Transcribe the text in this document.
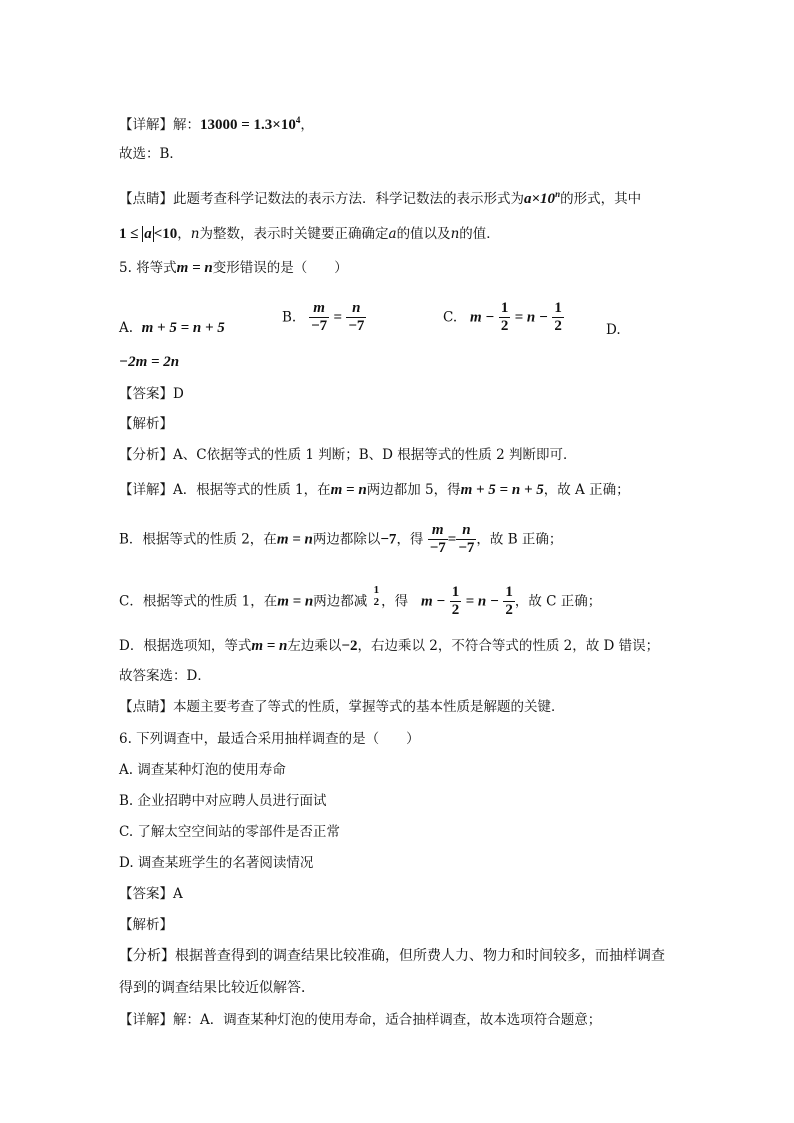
【详解】解：$13000 = 1.3\times 10^4$，
故选：B．
【点睛】此题考查科学记数法的表示方法．科学记数法的表示形式为$a\times 10^n$的形式，其中
1 ≤ a <10，n为整数，表示时关键要正确确定a的值以及n的值．
5. 将等式m = n变形错误的是（　　）
A. m + 5 = n + 5
B. $\frac{m}{-7} = \frac{n}{-7}$	C. $m - \frac{1}{2} = n - \frac{1}{2}$	D.
−2m = 2n
【答案】D
【解析】
【分析】A、C依据等式的性质 1 判断；B、D 根据等式的性质 2 判断即可．
【详解】A．根据等式的性质 1，在m = n两边都加 5，得m + 5 = n + 5，故 A 正确；
B．根据等式的性质 2，在m = n两边都除以−7，得 $\frac{m}{-7} = \frac{n}{-7}$ ，故 B 正确；
C．根据等式的性质 1，在m = n两边都减
1
2 ，得 $m - \frac{1}{2} = n - \frac{1}{2}$ ，故 C 正确；
D．根据选项知，等式m = n左边乘以−2，右边乘以 2，不符合等式的性质 2，故 D 错误；
故答案选：D．
【点睛】本题主要考查了等式的性质，掌握等式的基本性质是解题的关键．
6. 下列调查中，最适合采用抽样调查的是（　　）
A. 调查某种灯泡的使用寿命
B. 企业招聘中对应聘人员进行面试
C. 了解太空空间站的零部件是否正常
D. 调查某班学生的名著阅读情况
【答案】A
【解析】
【分析】根据普查得到的调查结果比较准确，但所费人力、物力和时间较多，而抽样调查
得到的调查结果比较近似解答．
【详解】解：A．调查某种灯泡的使用寿命，适合抽样调查，故本选项符合题意；
